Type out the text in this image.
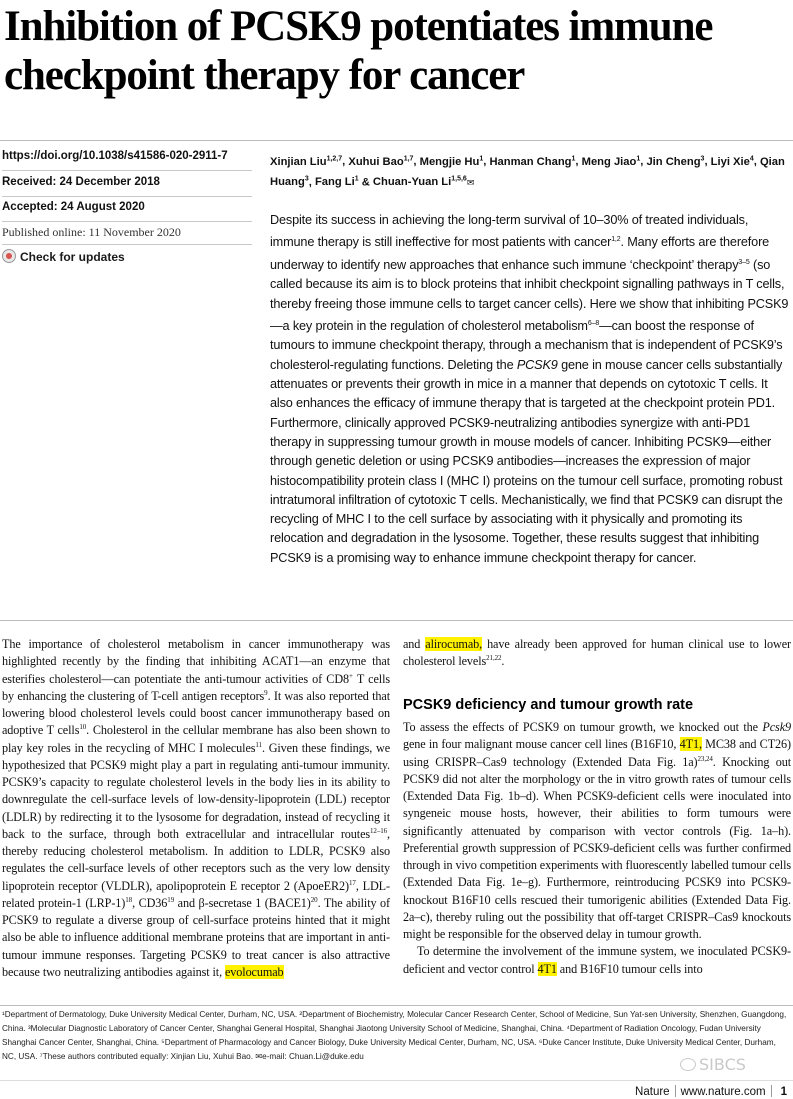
Inhibition of PCSK9 potentiates immune
checkpoint therapy for cancer
https://doi.org/10.1038/s41586-020-2911-7
Received: 24 December 2018
Accepted: 24 August 2020
Published online: 11 November 2020
Check for updates
Xinjian Liu$^{1,2,7}$, Xuhui Bao$^{1,7}$, Mengjie Hu$^1$, Hanman Chang$^1$, Meng Jiao$^1$, Jin Cheng$^3$, Liyi Xie$^4$, Qian Huang$^3$, Fang Li$^1$ & Chuan-Yuan Li$^{1,5,6}$✉

Despite its success in achieving the long-term survival of 10–30% of treated individuals, immune therapy is still ineffective for most patients with cancer$^{1,2}$. Many efforts are therefore underway to identify new approaches that enhance such immune ‘checkpoint’ therapy$^{3-5}$ (so called because its aim is to block proteins that inhibit checkpoint signalling pathways in T cells, thereby freeing those immune cells to target cancer cells). Here we show that inhibiting PCSK9—a key protein in the regulation of cholesterol metabolism$^{6-8}$—can boost the response of tumours to immune checkpoint therapy, through a mechanism that is independent of PCSK9’s cholesterol-regulating functions. Deleting the PCSK9 gene in mouse cancer cells substantially attenuates or prevents their growth in mice in a manner that depends on cytotoxic T cells. It also enhances the efficacy of immune therapy that is targeted at the checkpoint protein PD1. Furthermore, clinically approved PCSK9-neutralizing antibodies synergize with anti-PD1 therapy in suppressing tumour growth in mouse models of cancer. Inhibiting PCSK9—either through genetic deletion or using PCSK9 antibodies—increases the expression of major histocompatibility protein class I (MHC I) proteins on the tumour cell surface, promoting robust intratumoral infiltration of cytotoxic T cells. Mechanistically, we find that PCSK9 can disrupt the recycling of MHC I to the cell surface by associating with it physically and promoting its relocation and degradation in the lysosome. Together, these results suggest that inhibiting PCSK9 is a promising way to enhance immune checkpoint therapy for cancer.

The importance of cholesterol metabolism in cancer immunotherapy was highlighted recently by the finding that inhibiting ACAT1—an enzyme that esterifies cholesterol—can potentiate the anti-tumour activities of CD8+ T cells by enhancing the clustering of T-cell antigen receptors$^9$. It was also reported that lowering blood cholesterol levels could boost cancer immunotherapy based on adoptive T cells$^{10}$. Cholesterol in the cellular membrane has also been shown to play key roles in the recycling of MHC I molecules$^{11}$. Given these findings, we hypothesized that PCSK9 might play a part in regulating anti-tumour immunity. PCSK9’s capacity to regulate cholesterol levels in the body lies in its ability to downregulate the cell-surface levels of low-density-lipoprotein (LDL) receptor (LDLR) by redirecting it to the lysosome for degradation, instead of recycling it back to the surface, through both extracellular and intracellular routes$^{12-16}$, thereby reducing cholesterol metabolism. In addition to LDLR, PCSK9 also regulates the cell-surface levels of other receptors such as the very low density lipoprotein receptor (VLDLR), apolipoprotein E receptor 2 (ApoeER2)$^{17}$, LDL-related protein-1 $(LRP-1)^{18}$, $CD36^{19}$ and β-secretase 1 (BACE1)$^{20}$. The ability of PCSK9 to regulate a diverse group of cell-surface proteins hinted that it might also be able to influence additional membrane proteins that are important in anti-tumour immune responses. Targeting PCSK9 to treat cancer is also attractive because two neutralizing antibodies against it, evolocumab

and alirocumab, have already been approved for human clinical use to lower cholesterol levels$^{21,22}$.

PCSK9 deficiency and tumour growth rate

To assess the effects of PCSK9 on tumour growth, we knocked out the Pcsk9 gene in four malignant mouse cancer cell lines (B16F10, 4T1, MC38 and CT26) using CRISPR–Cas9 technology (Extended Data Fig. 1a)$^{23,24}$. Knocking out PCSK9 did not alter the morphology or the in vitro growth rates of tumour cells (Extended Data Fig. 1b–d). When PCSK9-deficient cells were inoculated into syngeneic mouse hosts, however, their abilities to form tumours were significantly attenuated by comparison with vector controls (Fig. 1a–h). Preferential growth suppression of PCSK9-deficient cells was further confirmed through in vivo competition experiments with fluorescently labelled tumour cells (Extended Data Fig. 1e–g). Furthermore, reintroducing PCSK9 into PCSK9-knockout B16F10 cells rescued their tumorigenic abilities (Extended Data Fig. 2a–c), thereby ruling out the possibility that off-target CRISPR–Cas9 knockouts might be responsible for the observed delay in tumour growth.

To determine the involvement of the immune system, we inoculated PCSK9-deficient and vector control 4T1 and B16F10 tumour cells into

¹Department of Dermatology, Duke University Medical Center, Durham, NC, USA. ²Department of Biochemistry, Molecular Cancer Research Center, School of Medicine, Sun Yat-sen University, Shenzhen, Guangdong, China. ³Molecular Diagnostic Laboratory of Cancer Center, Shanghai General Hospital, Shanghai Jiaotong University School of Medicine, Shanghai, China. ⁴Department of Radiation Oncology, Fudan University Shanghai Cancer Center, Shanghai, China. ⁵Department of Pharmacology and Cancer Biology, Duke University Medical Center, Durham, NC, USA. ⁶Duke Cancer Institute, Duke University Medical Center, Durham, NC, USA. ⁷These authors contributed equally: Xinjian Liu, Xuhui Bao. ✉e-mail: Chuan.Li@duke.edu	SIBCS
Nature www.nature.com 1
